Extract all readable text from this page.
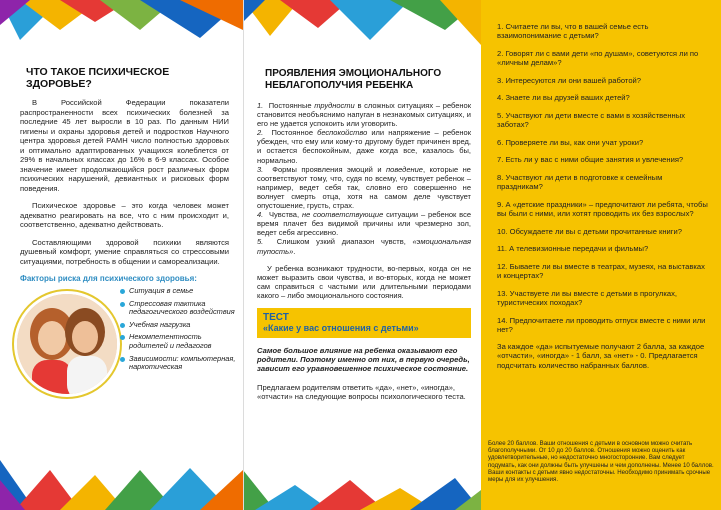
ЧТО ТАКОЕ ПСИХИЧЕСКОЕ ЗДОРОВЬЕ?

В Российской Федерации показатели распространенности всех психических болезней за последние 45 лет выросли в 10 раз. По данным НИИ гигиены и охраны здоровья детей и подростков Научного центра здоровья детей РАМН число полностью здоровых и оптимально адаптированных учащихся колеблется от 29% в начальных классах до 16% в 6-9 классах. Особое значение имеет продолжающийся рост различных форм психических нарушений, девиантных и рисковых форм поведения.

Психическое здоровье – это когда человек может адекватно реагировать на все, что с ним происходит и, соответственно, адекватно действовать.

Составляющими здоровой психики являются душевный комфорт, умение справляться со стрессовыми ситуациями, потребность в общении и самореализации.

Факторы риска для психического здоровья:
Ситуация в семье
Стрессовая тактика педагогического воздействия
Учебная нагрузка
Некомпетентность родителей и педагогов
Зависимости: компьютерная, наркотическая
ПРОЯВЛЕНИЯ ЭМОЦИОНАЛЬНОГО НЕБЛАГОПОЛУЧИЯ РЕБЕНКА
1. Постоянные трудности в сложных ситуациях – ребенок становится необъяснимо напуган в незнакомых ситуациях, и его не удается успокоить или уговорить.
2. Постоянное беспокойство или напряжение – ребенок убежден, что ему или кому-то другому будет причинен вред, и остается беспокойным, даже когда все, казалось бы, нормально.
3. Формы проявления эмоций и поведение, которые не соответствуют тому, что, судя по всему, чувствует ребенок – например, ведет себя так, словно его совершенно не волнует смерть отца, хотя на самом деле чувствует опустошение, грусть, страх.
4. Чувства, не соответствующие ситуации – ребенок все время плачет без видимой причины или чрезмерно зол, ведет себя агрессивно.
5. Слишком узкий диапазон чувств, «эмоциональная тупость».

У ребенка возникают трудности, во-первых, когда он не может выразить свои чувства, и во-вторых, когда не может сам справиться с частыми или длительными периодами какого – либо эмоционального состояния.

ТЕСТ
«Какие у вас отношения с детьми»

Самое большое влияние на ребенка оказывают его родители. Поэтому именно от них, в первую очередь, зависит его уравновешенное психическое состояние.

Предлагаем родителям ответить «да», «нет», «иногда», «отчасти» на следующие вопросы психологического теста.

1. Считаете ли вы, что в вашей семье есть взаимопонимание с детьми?
2. Говорят ли с вами дети «по душам», советуются ли по «личным делам»?
3. Интересуются ли они вашей работой?
4. Знаете ли вы друзей ваших детей?
5. Участвуют ли дети вместе с вами в хозяйственных заботах?
6. Проверяете ли вы, как они учат уроки?
7. Есть ли у вас с ними общие занятия и увлечения?
8. Участвуют ли дети в подготовке к семейным праздникам?
9. А «детские праздники» – предпочитают ли ребята, чтобы вы были с ними, или хотят проводить их без взрослых?
10. Обсуждаете ли вы с детьми прочитанные книги?
11. А телевизионные передачи и фильмы?
12. Бываете ли вы вместе в театрах, музеях, на выставках и концертах?
13. Участвуете ли вы вместе с детьми в прогулках, туристических походах?
14. Предпочитаете ли проводить отпуск вместе с ними или нет?

За каждое «да» испытуемые получают 2 балла, за каждое «отчасти», «иногда» - 1 балл, за «нет» - 0. Предлагается подсчитать количество набранных баллов.

Более 20 баллов. Ваши отношения с детьми в основном можно считать благополучными. От 10 до 20 баллов. Отношения можно оценить как удовлетворительные, но недостаточно многосторонние. Вам следует подумать, как они должны быть улучшены и чем дополнены. Менее 10 баллов. Ваши контакты с детьми явно недостаточны. Необходимо принимать срочные меры для их улучшения.
